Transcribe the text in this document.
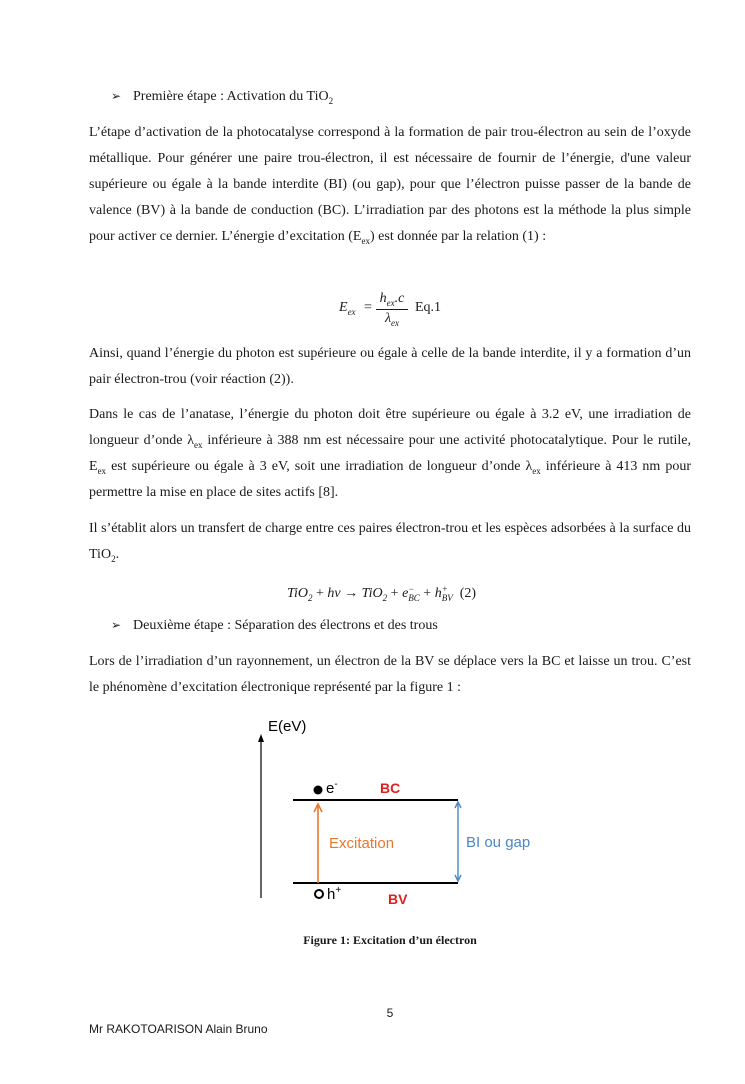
➢ Première étape : Activation du TiO$_2$

L’étape d’activation de la photocatalyse correspond à la formation de pair trou-électron au sein de l’oxyde métallique. Pour générer une paire trou-électron, il est nécessaire de fournir de l’énergie, d'une valeur supérieure ou égale à la bande interdite (BI) (ou gap), pour que l’électron puisse passer de la bande de valence (BV) à la bande de conduction (BC). L’irradiation par des photons est la méthode la plus simple pour activer ce dernier. L’énergie d’excitation $(E_{ex})$ est donnée par la relation (1) :

$E_{ex}$ =
$h_{ex}.c$
$\lambda_{ex}$
Eq.1

Ainsi, quand l’énergie du photon est supérieure ou égale à celle de la bande interdite, il y a formation d’un pair électron-trou (voir réaction (2)).

Dans le cas de l’anatase, l’énergie du photon doit être supérieure ou égale à 3.2 eV, une irradiation de longueur d’onde $\lambda_{ex}$ inférieure à 388 nm est nécessaire pour une activité photocatalytique. Pour le rutile, $E_{ex}$ est supérieure ou égale à 3 eV, soit une irradiation de longueur d’onde $\lambda_{ex}$ inférieure à 413 nm pour permettre la mise en place de sites actifs [8].

Il s’établit alors un transfert de charge entre ces paires électron-trou et les espèces adsorbées à la surface du TiO$_2$.

TiO$_2$ + hν → TiO$_2$ + e −
BC + h +
BV (2)
➢ Deuxième étape : Séparation des électrons et des trous

Lors de l’irradiation d’un rayonnement, un électron de la BV se déplace vers la BC et laisse un trou. C’est le phénomène d’excitation électronique représenté par la figure 1 :

E(eV)
e-
h+
BC
BV
Excitation	BI ou gap
Figure 1: Excitation d’un électron
5
Mr RAKOTOARISON Alain Bruno
